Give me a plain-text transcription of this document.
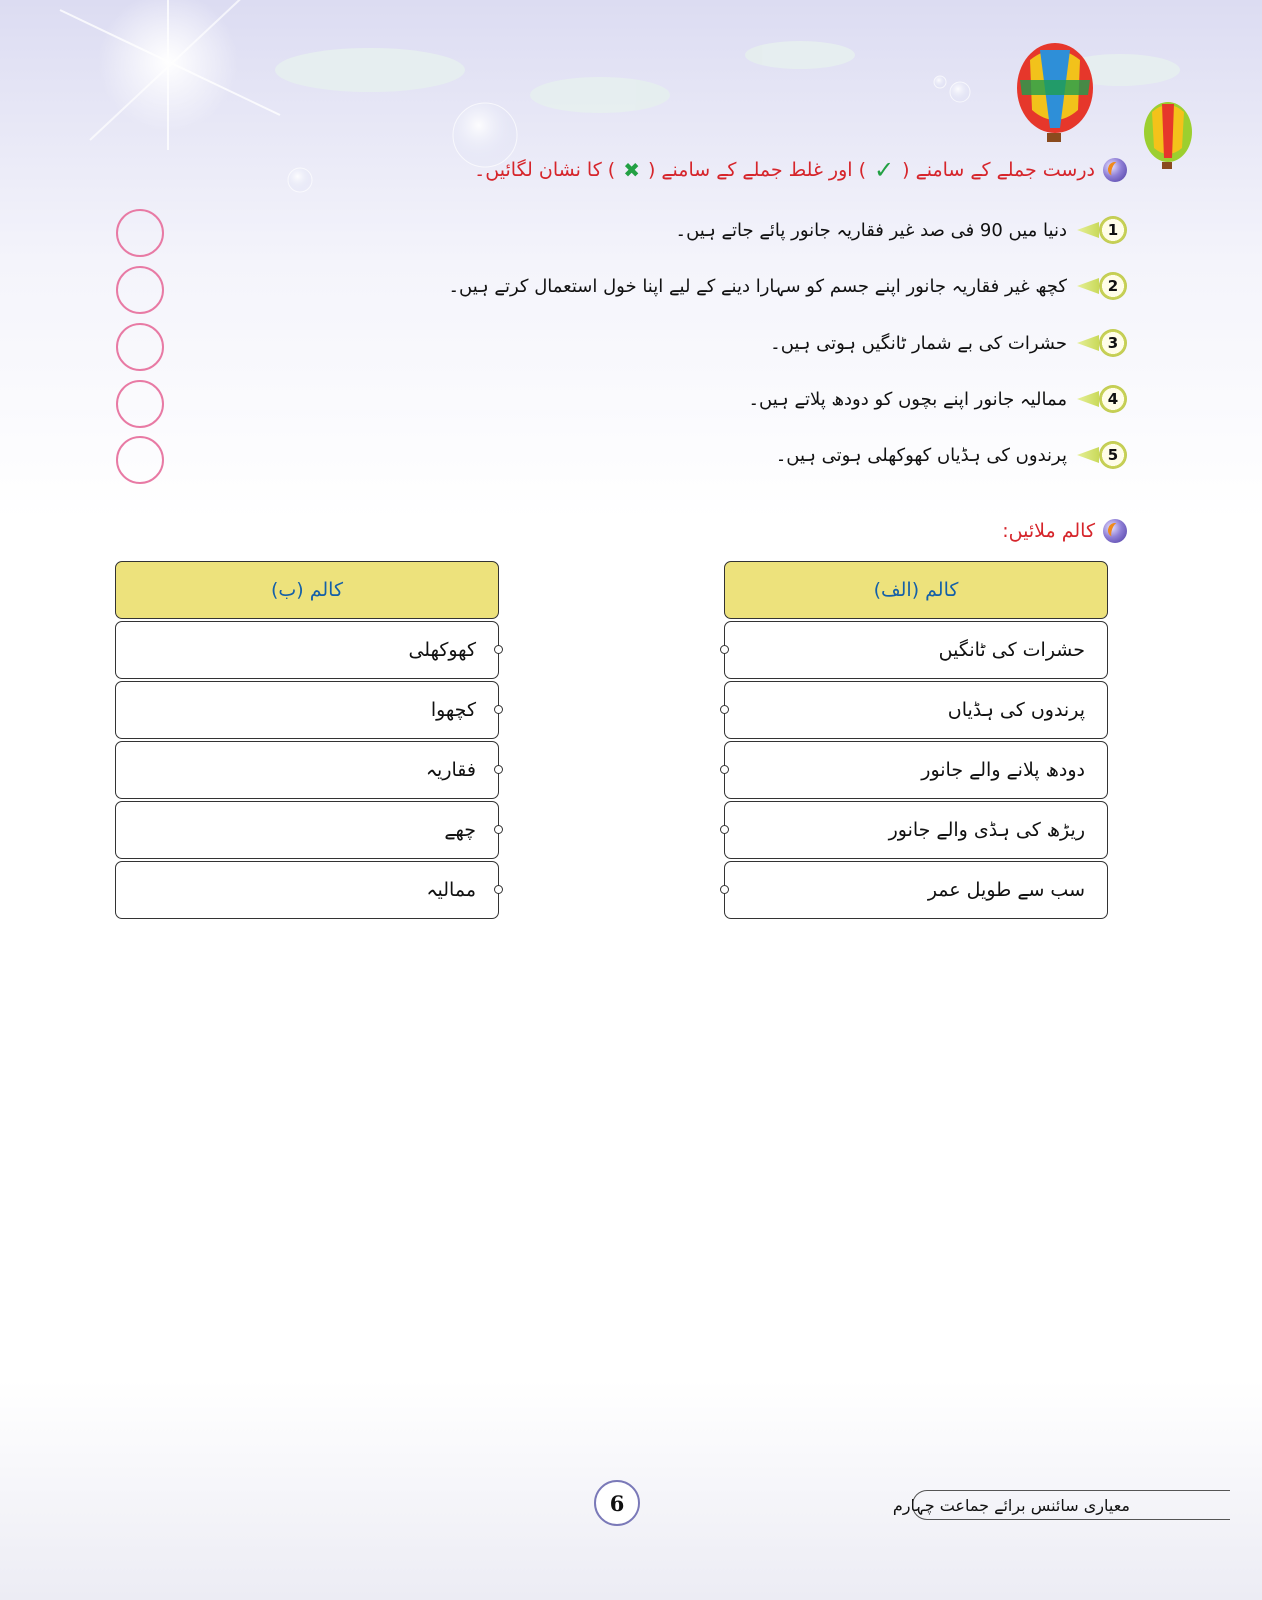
درست جملے کے سامنے (
✓
) اور غلط جملے کے سامنے (
✖
) کا نشان لگائیں۔
1
دنیا میں 90 فی صد غیر فقاریہ جانور پائے جاتے ہیں۔
2
کچھ غیر فقاریہ جانور اپنے جسم کو سہارا دینے کے لیے اپنا خول استعمال کرتے ہیں۔
3
حشرات کی بے شمار ٹانگیں ہوتی ہیں۔
4
ممالیہ جانور اپنے بچوں کو دودھ پلاتے ہیں۔
5
پرندوں کی ہڈیاں کھوکھلی ہوتی ہیں۔
کالم ملائیں:
کالم (الف)
حشرات کی ٹانگیں
پرندوں کی ہڈیاں
دودھ پلانے والے جانور
ریڑھ کی ہڈی والے جانور
سب سے طویل عمر
کالم (ب)
کھوکھلی
کچھوا
فقاریہ
چھے
ممالیہ
6	معیاری سائنس برائے جماعت چہارم
